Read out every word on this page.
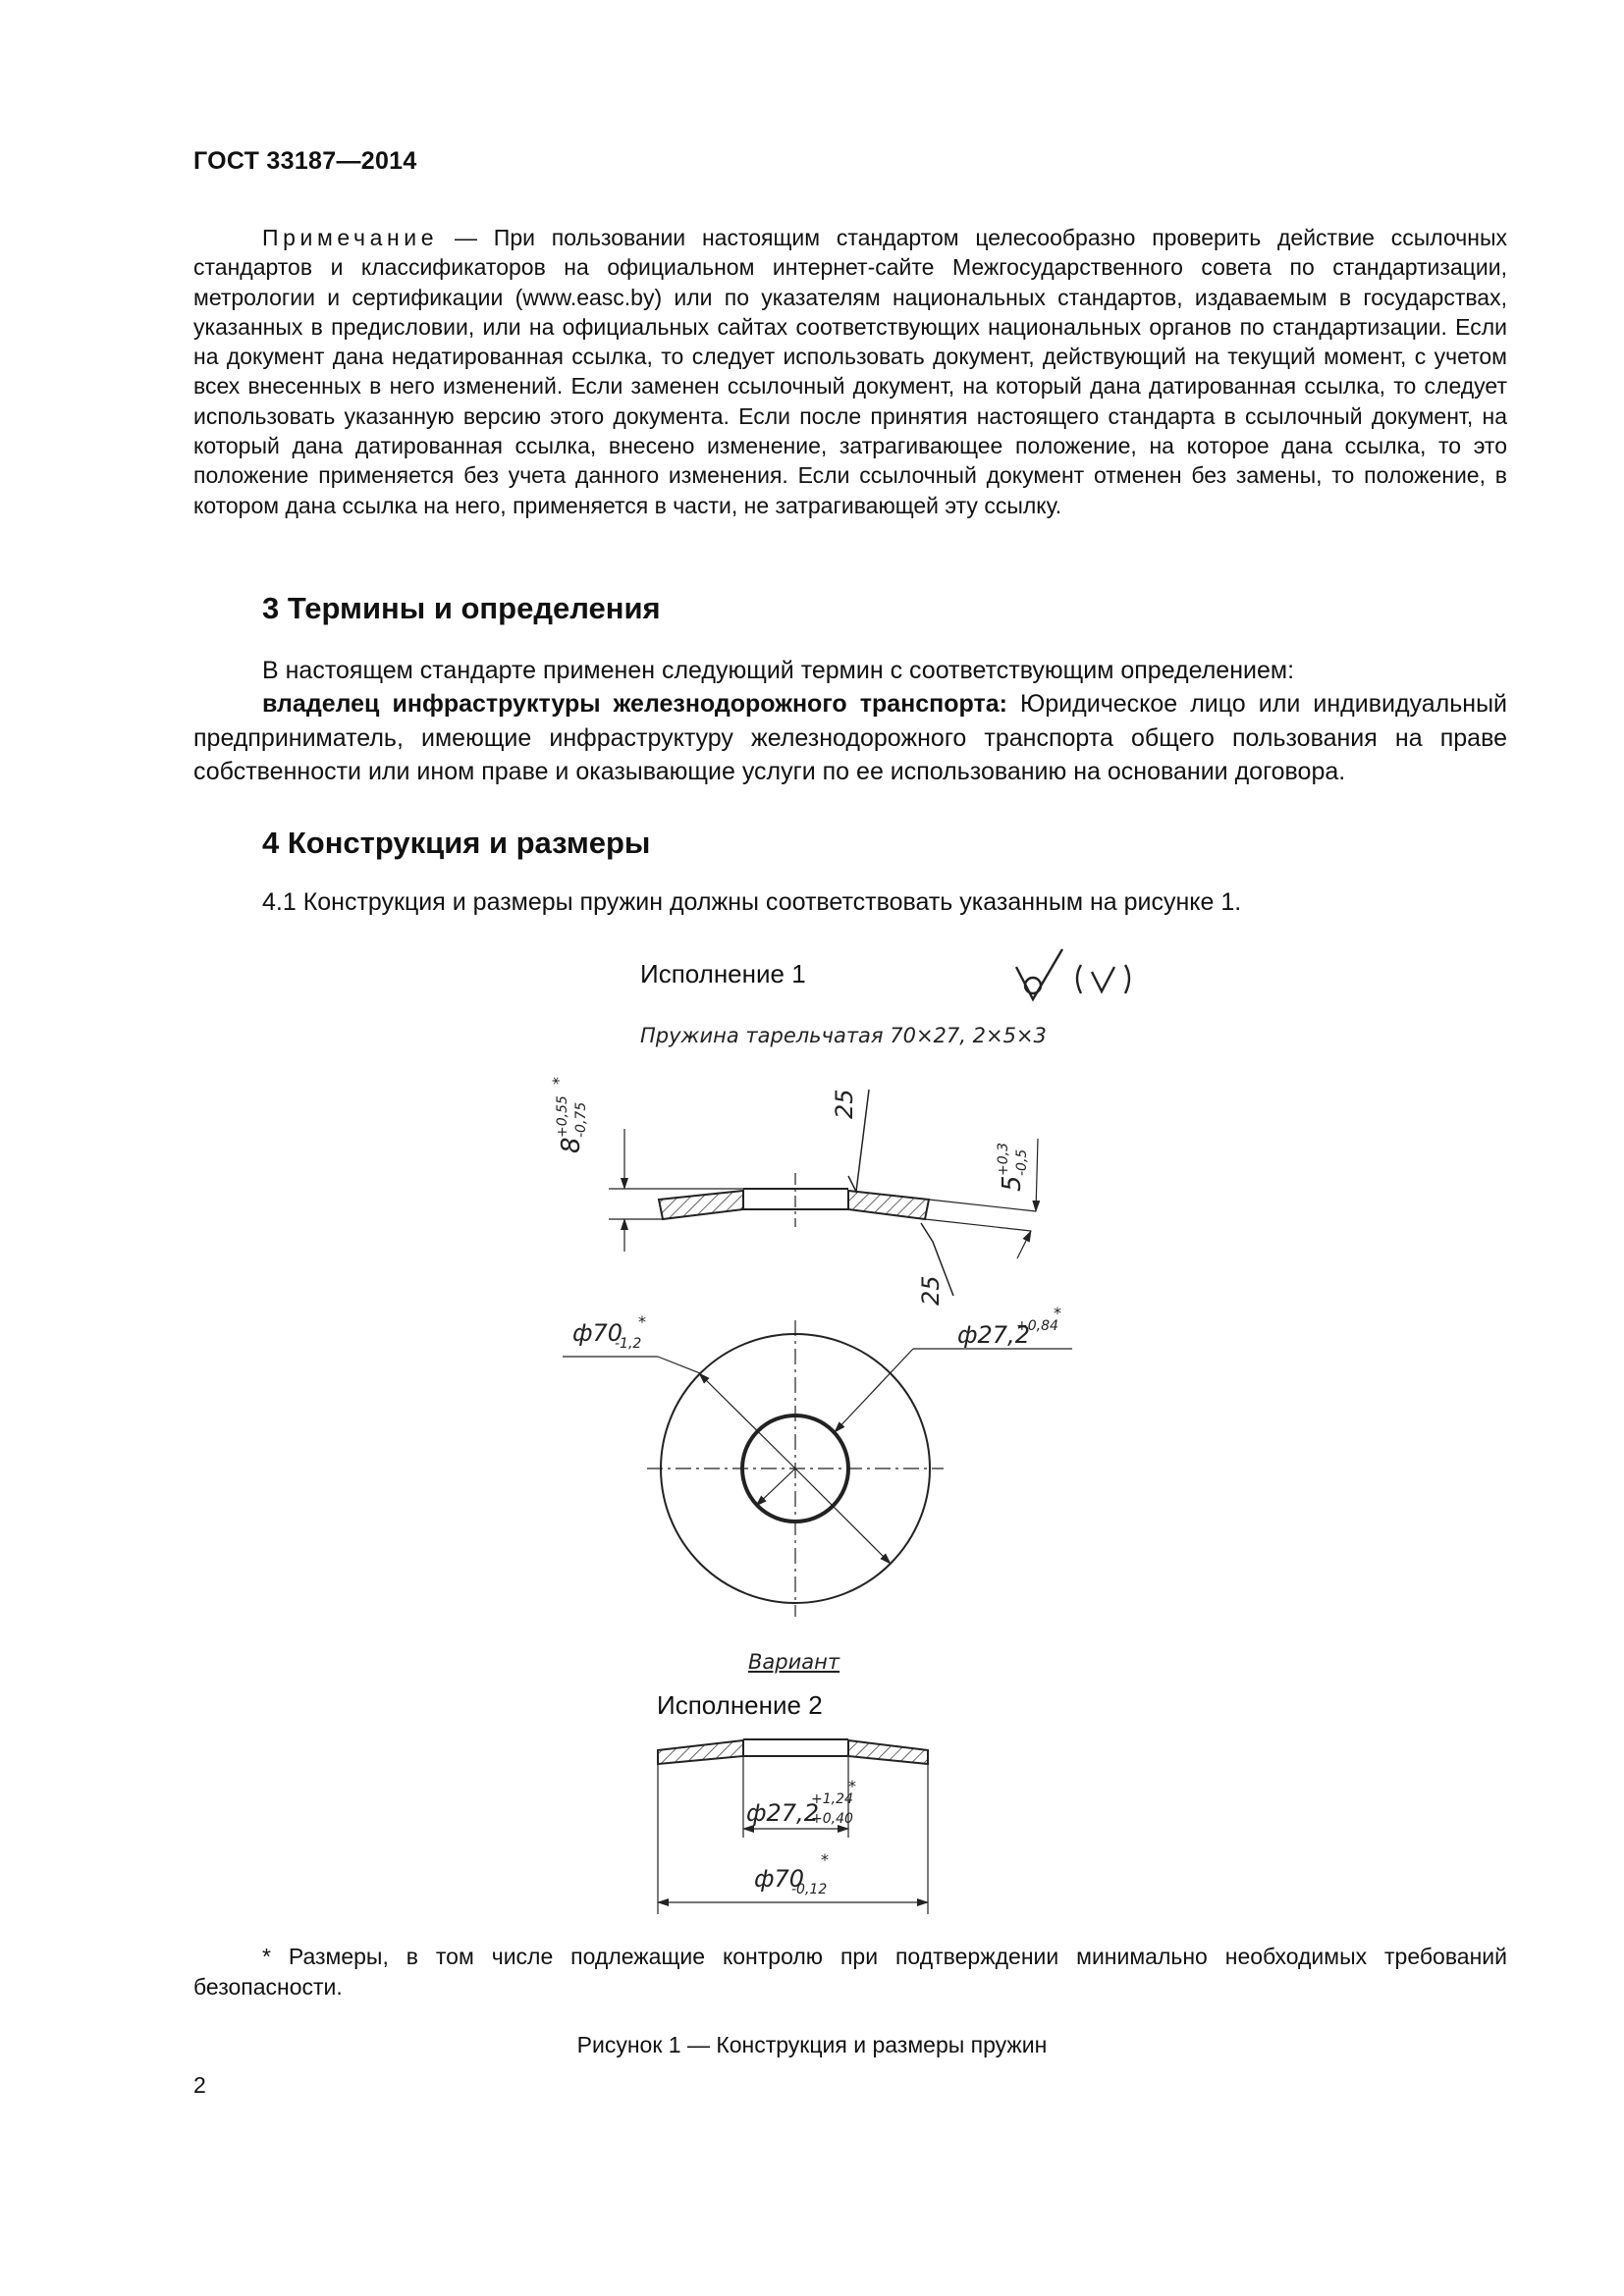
ГОСТ 33187—2014

Примечание — При пользовании настоящим стандартом целесообразно проверить действие ссылочных стандартов и классификаторов на официальном интернет-сайте Межгосударственного совета по стандартизации, метрологии и сертификации (www.easc.by) или по указателям национальных стандартов, издаваемым в государствах, указанных в предисловии, или на официальных сайтах соответствующих национальных органов по стандартизации. Если на документ дана недатированная ссылка, то следует использовать документ, действующий на текущий момент, с учетом всех внесенных в него изменений. Если заменен ссылочный документ, на который дана датированная ссылка, то следует использовать указанную версию этого документа. Если после принятия настоящего стандарта в ссылочный документ, на который дана датированная ссылка, внесено изменение, затрагивающее положение, на которое дана ссылка, то это положение применяется без учета данного изменения. Если ссылочный документ отменен без замены, то положение, в котором дана ссылка на него, применяется в части, не затрагивающей эту ссылку.

3 Термины и определения

В настоящем стандарте применен следующий термин с соответствующим определением:

владелец инфраструктуры железнодорожного транспорта: Юридическое лицо или индивидуальный предприниматель, имеющие инфраструктуру железнодорожного транспорта общего пользования на праве собственности или ином праве и оказывающие услуги по ее использованию на основании договора.

4 Конструкция и размеры

4.1 Конструкция и размеры пружин должны соответствовать указанным на рисунке 1.

Исполнение 1
Исполнение 2
Пружина тарельчатая 70×27, 2×5×3
8
+0,55 -0,75
*
5
+0,3 -0,5
25
25
ф70
-1,2
*	ф27,2
+0,84
*
Вариант
ф27,2
+1,24
+0,40
*
ф70
-0,12
*

* Размеры, в том числе подлежащие контролю при подтверждении минимально необходимых требований безопасности.

Рисунок 1 — Конструкция и размеры пружин
2
